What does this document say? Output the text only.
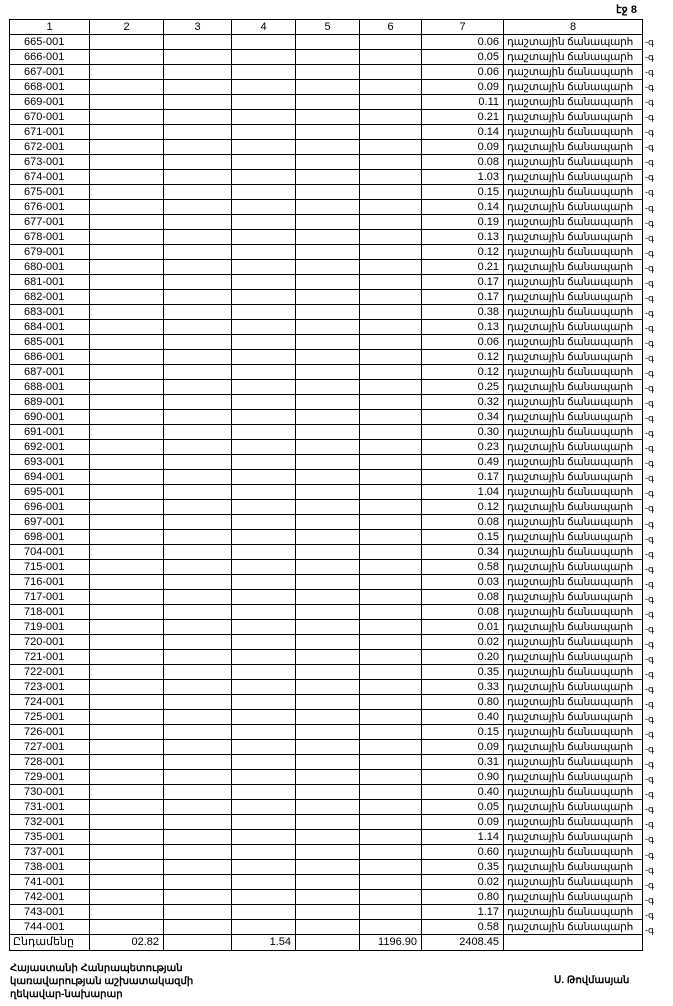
էջ 8
1	2	3	4	5	6	7	8
665-001						0.06	դաշտային ճանապարհ
666-001						0.05	դաշտային ճանապարհ
667-001						0.06	դաշտային ճանապարհ
668-001						0.09	դաշտային ճանապարհ
669-001						0.11	դաշտային ճանապարհ
670-001						0.21	դաշտային ճանապարհ
671-001						0.14	դաշտային ճանապարհ
672-001						0.09	դաշտային ճանապարհ
673-001						0.08	դաշտային ճանապարհ
674-001						1.03	դաշտային ճանապարհ
675-001						0.15	դաշտային ճանապարհ
676-001						0.14	դաշտային ճանապարհ
677-001						0.19	դաշտային ճանապարհ
678-001						0.13	դաշտային ճանապարհ
679-001						0.12	դաշտային ճանապարհ
680-001						0.21	դաշտային ճանապարհ
681-001						0.17	դաշտային ճանապարհ
682-001						0.17	դաշտային ճանապարհ
683-001						0.38	դաշտային ճանապարհ
684-001						0.13	դաշտային ճանապարհ
685-001						0.06	դաշտային ճանապարհ
686-001						0.12	դաշտային ճանապարհ
687-001						0.12	դաշտային ճանապարհ
688-001						0.25	դաշտային ճանապարհ
689-001						0.32	դաշտային ճանապարհ
690-001						0.34	դաշտային ճանապարհ
691-001						0.30	դաշտային ճանապարհ
692-001						0.23	դաշտային ճանապարհ
693-001						0.49	դաշտային ճանապարհ
694-001						0.17	դաշտային ճանապարհ
695-001						1.04	դաշտային ճանապարհ
696-001						0.12	դաշտային ճանապարհ
697-001						0.08	դաշտային ճանապարհ
698-001						0.15	դաշտային ճանապարհ
704-001						0.34	դաշտային ճանապարհ
715-001						0.58	դաշտային ճանապարհ
716-001						0.03	դաշտային ճանապարհ
717-001						0.08	դաշտային ճանապարհ
718-001						0.08	դաշտային ճանապարհ
719-001						0.01	դաշտային ճանապարհ
720-001						0.02	դաշտային ճանապարհ
721-001						0.20	դաշտային ճանապարհ
722-001						0.35	դաշտային ճանապարհ
723-001						0.33	դաշտային ճանապարհ
724-001						0.80	դաշտային ճանապարհ
725-001						0.40	դաշտային ճանապարհ
726-001						0.15	դաշտային ճանապարհ
727-001						0.09	դաշտային ճանապարհ
728-001						0.31	դաշտային ճանապարհ
729-001						0.90	դաշտային ճանապարհ
730-001						0.40	դաշտային ճանապարհ
731-001						0.05	դաշտային ճանապարհ
732-001						0.09	դաշտային ճանապարհ
735-001						1.14	դաշտային ճանապարհ
737-001						0.60	դաշտային ճանապարհ
738-001						0.35	դաշտային ճանապարհ
741-001						0.02	դաշտային ճանապարհ
742-001						0.80	դաշտային ճանապարհ
743-001						1.17	դաշտային ճանապարհ
744-001						0.58	դաշտային ճանապարհ
Ընդամենը	02.82		1.54		1196.90	2408.45	
-գ
-գ
-գ
-գ
-գ
-գ
-գ
-գ
-գ
-գ
-գ
-գ
-գ
-գ
-գ
-գ
-գ
-գ
-գ
-գ
-գ
-գ
-գ
-գ
-գ
-գ
-գ
-գ
-գ
-գ
-գ
-գ
-գ
-գ
-գ
-գ
-գ
-գ
-գ
-գ
-գ
-գ
-գ
-գ
-գ
-գ
-գ
-գ
-գ
-գ
-գ
-գ
-գ
-գ
-գ
-գ
-գ
-գ
-գ
-գ
Հայաստանի Հանրապետության
կառավարության աշխատակազմի
ղեկավար-նախարար
Ս. Թովմասյան
